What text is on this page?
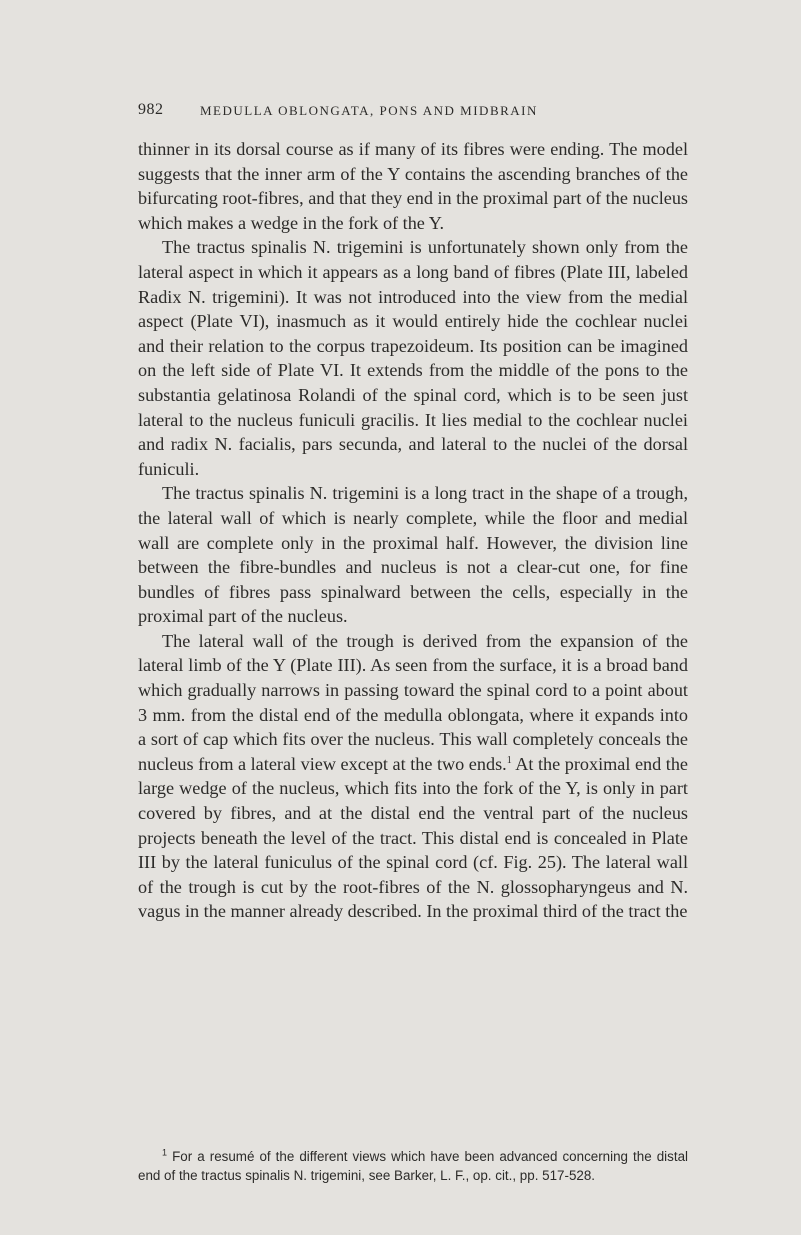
982	MEDULLA OBLONGATA, PONS AND MIDBRAIN

thinner in its dorsal course as if many of its fibres were ending. The model suggests that the inner arm of the Y contains the ascending branches of the bifurcating root-fibres, and that they end in the proximal part of the nucleus which makes a wedge in the fork of the Y.

The tractus spinalis N. trigemini is unfortunately shown only from the lateral aspect in which it appears as a long band of fibres (Plate III, labeled Radix N. trigemini). It was not introduced into the view from the medial aspect (Plate VI), inasmuch as it would entirely hide the cochlear nuclei and their relation to the corpus trapezoideum. Its position can be imagined on the left side of Plate VI. It extends from the middle of the pons to the substantia gelatinosa Rolandi of the spinal cord, which is to be seen just lateral to the nucleus funiculi gracilis. It lies medial to the cochlear nuclei and radix N. facialis, pars secunda, and lateral to the nuclei of the dorsal funiculi.

The tractus spinalis N. trigemini is a long tract in the shape of a trough, the lateral wall of which is nearly complete, while the floor and medial wall are complete only in the proximal half. However, the division line between the fibre-bundles and nucleus is not a clear-cut one, for fine bundles of fibres pass spinalward between the cells, especially in the proximal part of the nucleus.

The lateral wall of the trough is derived from the expansion of the lateral limb of the Y (Plate III). As seen from the surface, it is a broad band which gradually narrows in passing toward the spinal cord to a point about 3 mm. from the distal end of the medulla oblongata, where it expands into a sort of cap which fits over the nucleus. This wall completely conceals the nucleus from a lateral view except at the two ends.$^1$ At the proximal end the large wedge of the nucleus, which fits into the fork of the Y, is only in part covered by fibres, and at the distal end the ventral part of the nucleus projects beneath the level of the tract. This distal end is concealed in Plate III by the lateral funiculus of the spinal cord (cf. Fig. 25). The lateral wall of the trough is cut by the root-fibres of the N. glossopharyngeus and N. vagus in the manner already described. In the proximal third of the tract the

$^1$ For a resumé of the different views which have been advanced concerning the distal end of the tractus spinalis N. trigemini, see Barker, L. F., op. cit., pp. 517-528.
